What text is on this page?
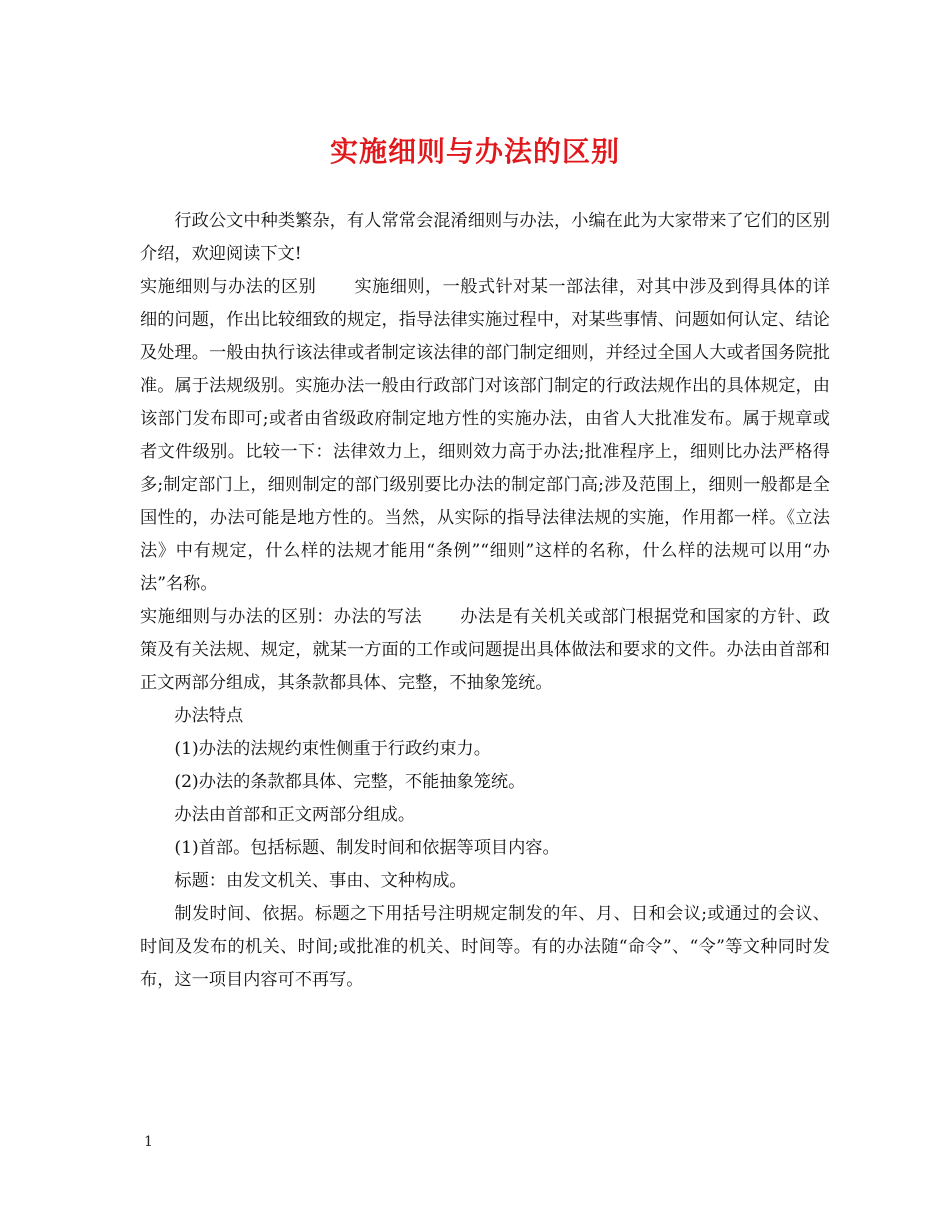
实施细则与办法的区别

行政公文中种类繁杂，有人常常会混淆细则与办法，小编在此为大家带来了它们的区别介绍，欢迎阅读下文!

实施细则与办法的区别 实施细则，一般式针对某一部法律，对其中涉及到得具体的详细的问题，作出比较细致的规定，指导法律实施过程中，对某些事情、问题如何认定、结论及处理。一般由执行该法律或者制定该法律的部门制定细则，并经过全国人大或者国务院批准。属于法规级别。实施办法一般由行政部门对该部门制定的行政法规作出的具体规定，由该部门发布即可;或者由省级政府制定地方性的实施办法，由省人大批准发布。属于规章或者文件级别。比较一下：法律效力上，细则效力高于办法;批准程序上，细则比办法严格得多;制定部门上，细则制定的部门级别要比办法的制定部门高;涉及范围上，细则一般都是全国性的，办法可能是地方性的。当然，从实际的指导法律法规的实施，作用都一样。《立法法》中有规定，什么样的法规才能用“条例”“细则”这样的名称，什么样的法规可以用“办法”名称。

实施细则与办法的区别：办法的写法 办法是有关机关或部门根据党和国家的方针、政策及有关法规、规定，就某一方面的工作或问题提出具体做法和要求的文件。办法由首部和正文两部分组成，其条款都具体、完整，不抽象笼统。

办法特点

(1)办法的法规约束性侧重于行政约束力。

(2)办法的条款都具体、完整，不能抽象笼统。

办法由首部和正文两部分组成。

(1)首部。包括标题、制发时间和依据等项目内容。

标题：由发文机关、事由、文种构成。

制发时间、依据。标题之下用括号注明规定制发的年、月、日和会议;或通过的会议、时间及发布的机关、时间;或批准的机关、时间等。有的办法随“命令”、“令”等文种同时发布，这一项目内容可不再写。

1
